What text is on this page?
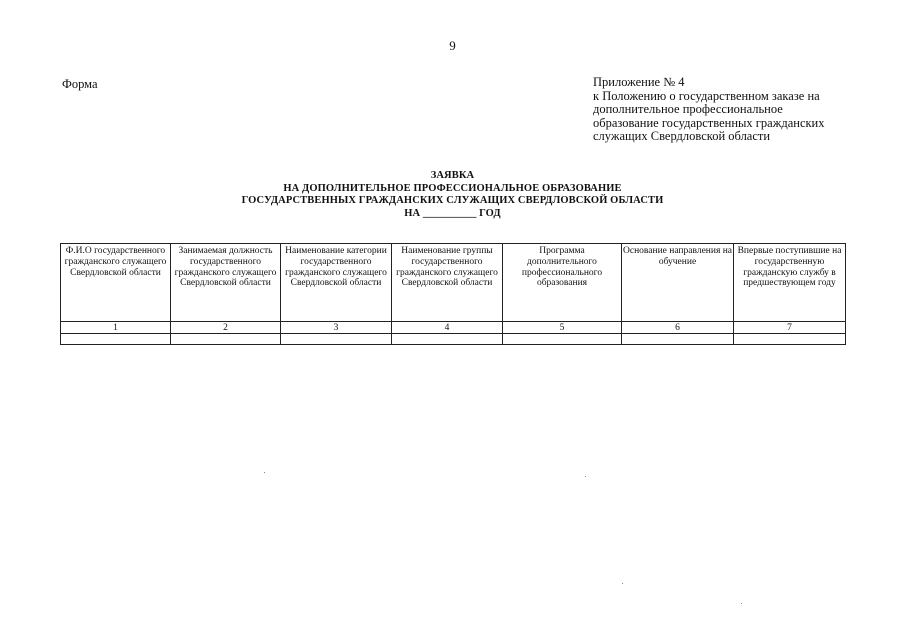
9
Форма	Приложение № 4
к Положению о государственном заказе на
дополнительное профессиональное
образование государственных гражданских
служащих Свердловской области
ЗАЯВКА
НА ДОПОЛНИТЕЛЬНОЕ ПРОФЕССИОНАЛЬНОЕ ОБРАЗОВАНИЕ
ГОСУДАРСТВЕННЫХ ГРАЖДАНСКИХ СЛУЖАЩИХ СВЕРДЛОВСКОЙ ОБЛАСТИ
НА __________ ГОД
Ф.И.О государственного гражданского служащего Свердловской области	Занимаемая должность государственного гражданского служащего Свердловской области	Наименование категории государственного гражданского служащего Свердловской области	Наименование группы государственного гражданского служащего Свердловской области	Программа дополнительного профессионального образования	Основание направления на обучение	Впервые поступившие на государственную гражданскую службу в предшествующем году
1	2	3	4	5	6	7
